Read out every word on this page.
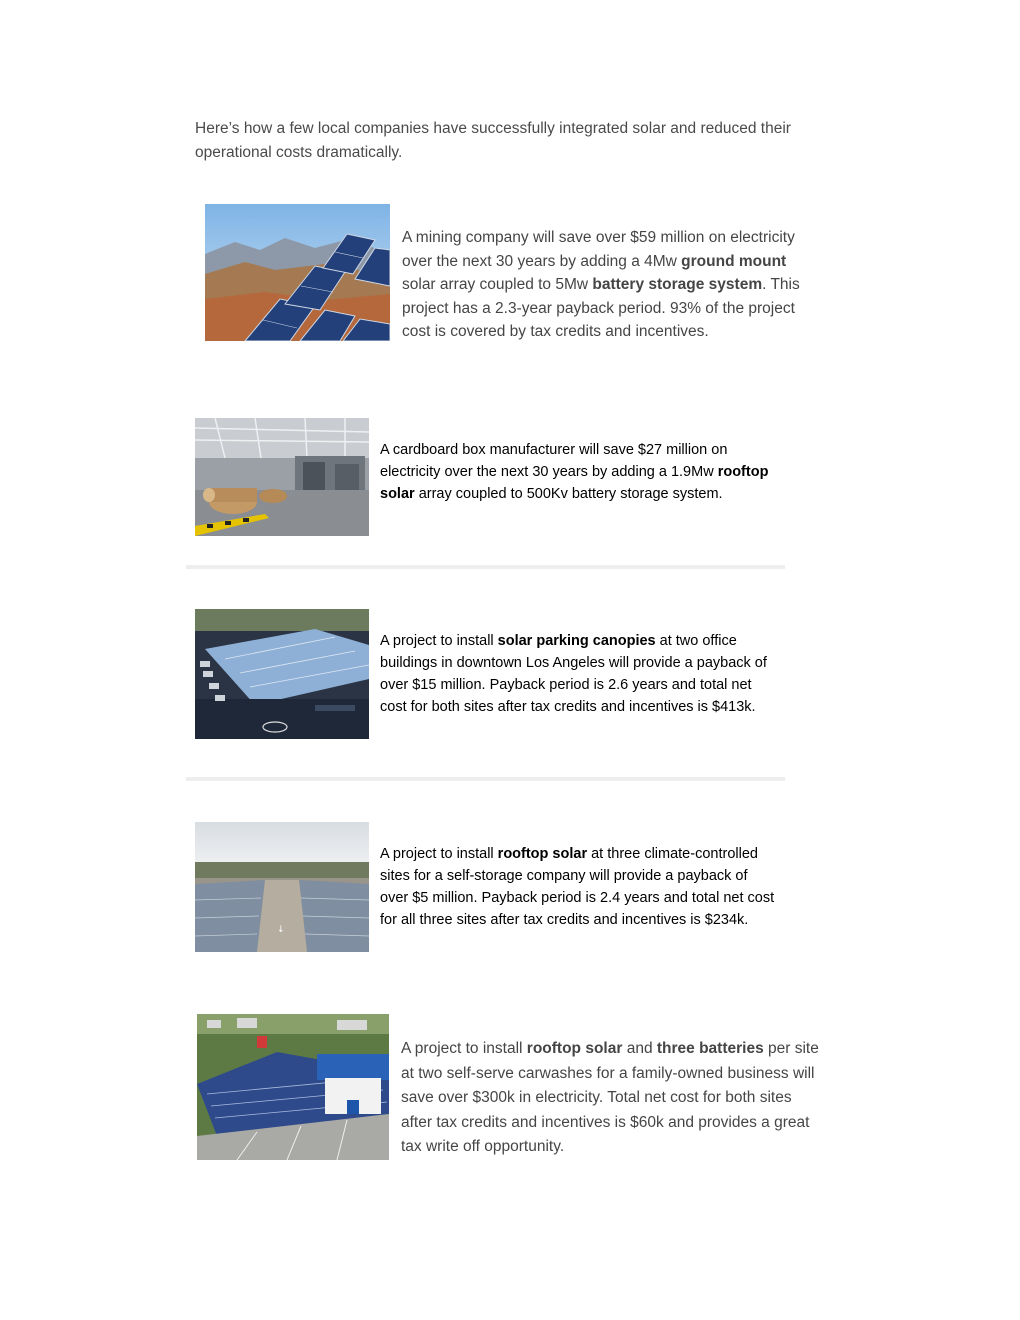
Here’s how a few local companies have successfully integrated solar and reduced their operational costs dramatically.

A mining company will save over $59 million on electricity over the next 30 years by adding a 4Mw ground mount solar array coupled to 5Mw battery storage system. This project has a 2.3-year payback period. 93% of the project cost is covered by tax credits and incentives.

A cardboard box manufacturer will save $27 million on electricity over the next 30 years by adding a 1.9Mw rooftop solar array coupled to 500Kv battery storage system.

A project to install solar parking canopies at two office buildings in downtown Los Angeles will provide a payback of over $15 million. Payback period is 2.6 years and total net cost for both sites after tax credits and incentives is $413k.

↓

A project to install rooftop solar at three climate-controlled sites for a self-storage company will provide a payback of over $5 million. Payback period is 2.4 years and total net cost for all three sites after tax credits and incentives is $234k.

A project to install rooftop solar and three batteries per site at two self-serve carwashes for a family-owned business will save over $300k in electricity. Total net cost for both sites after tax credits and incentives is $60k and provides a great tax write off opportunity.
